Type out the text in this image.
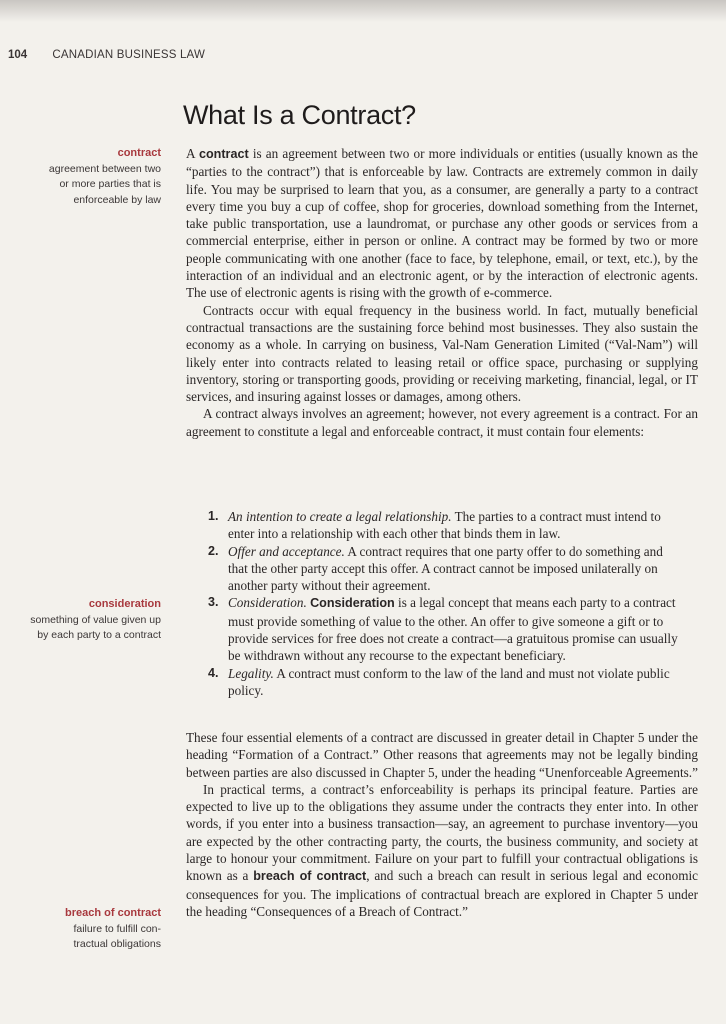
104 CANADIAN BUSINESS LAW
What Is a Contract?
contract
agreement between two
or more parties that is
enforceable by law
consideration
something of value given up
by each party to a contract
breach of contract
failure to fulfill con-
tractual obligations

A contract is an agreement between two or more individuals or entities (usually known as the “parties to the contract”) that is enforceable by law. Contracts are extremely common in daily life. You may be surprised to learn that you, as a consumer, are generally a party to a contract every time you buy a cup of coffee, shop for groceries, download something from the Internet, take public transportation, use a laundromat, or purchase any other goods or services from a commercial enterprise, either in person or online. A contract may be formed by two or more people communicating with one another (face to face, by telephone, email, or text, etc.), by the interaction of an individual and an electronic agent, or by the interaction of electronic agents. The use of electronic agents is rising with the growth of e-commerce.

Contracts occur with equal frequency in the business world. In fact, mutually beneficial contractual transactions are the sustaining force behind most businesses. They also sustain the economy as a whole. In carrying on business, Val-Nam Generation Limited (“Val-Nam”) will likely enter into contracts related to leasing retail or office space, purchasing or supplying inventory, storing or transporting goods, providing or receiving marketing, financial, legal, or IT services, and insuring against losses or damages, among others.

A contract always involves an agreement; however, not every agreement is a contract. For an agreement to constitute a legal and enforceable contract, it must contain four elements:

1. An intention to create a legal relationship. The parties to a contract must intend to enter into a relationship with each other that binds them in law.
2. Offer and acceptance. A contract requires that one party offer to do something and that the other party accept this offer. A contract cannot be imposed unilaterally on another party without their agreement.
3. Consideration. Consideration is a legal concept that means each party to a contract must provide something of value to the other. An offer to give someone a gift or to provide services for free does not create a contract—a gratuitous promise can usually be withdrawn without any recourse to the expectant beneficiary.
4. Legality. A contract must conform to the law of the land and must not violate public policy.

These four essential elements of a contract are discussed in greater detail in Chapter 5 under the heading “Formation of a Contract.” Other reasons that agreements may not be legally binding between parties are also discussed in Chapter 5, under the heading “Unenforceable Agreements.”

In practical terms, a contract’s enforceability is perhaps its principal feature. Parties are expected to live up to the obligations they assume under the contracts they enter into. In other words, if you enter into a business transaction—say, an agreement to purchase inventory—you are expected by the other contracting party, the courts, the business community, and society at large to honour your commitment. Failure on your part to fulfill your contractual obligations is known as a breach of contract, and such a breach can result in serious legal and economic consequences for you. The implications of contractual breach are explored in Chapter 5 under the heading “Consequences of a Breach of Contract.”
